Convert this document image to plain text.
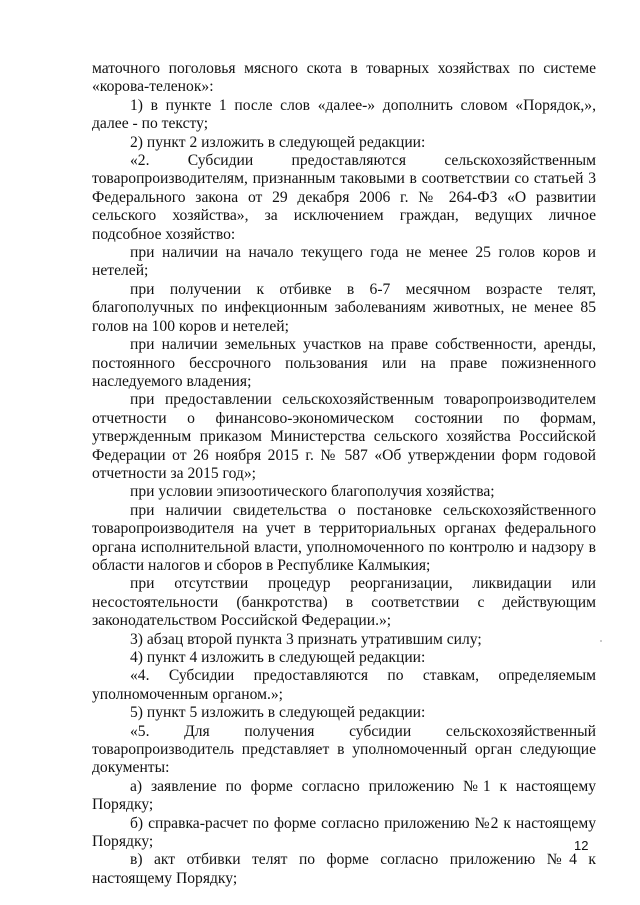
маточного поголовья мясного скота в товарных хозяйствах по системе «корова-теленок»:

1) в пункте 1 после слов «далее-» дополнить словом «Порядок,», далее - по тексту;

2) пункт 2 изложить в следующей редакции:

«2. Субсидии предоставляются сельскохозяйственным товаропроизводителям, признанным таковыми в соответствии со статьей 3 Федерального закона от 29 декабря 2006 г. № 264-ФЗ «О развитии сельского хозяйства», за исключением граждан, ведущих личное подсобное хозяйство:

при наличии на начало текущего года не менее 25 голов коров и нетелей;

при получении к отбивке в 6-7 месячном возрасте телят, благополучных по инфекционным заболеваниям животных, не менее 85 голов на 100 коров и нетелей;

при наличии земельных участков на праве собственности, аренды, постоянного бессрочного пользования или на праве пожизненного наследуемого владения;

при предоставлении сельскохозяйственным товаропроизводителем отчетности о финансово-экономическом состоянии по формам, утвержденным приказом Министерства сельского хозяйства Российской Федерации от 26 ноября 2015 г. № 587 «Об утверждении форм годовой отчетности за 2015 год»;

при условии эпизоотического благополучия хозяйства;

при наличии свидетельства о постановке сельскохозяйственного товаропроизводителя на учет в территориальных органах федерального органа исполнительной власти, уполномоченного по контролю и надзору в области налогов и сборов в Республике Калмыкия;

при отсутствии процедур реорганизации, ликвидации или несостоятельности (банкротства) в соответствии с действующим законодательством Российской Федерации.»;

3) абзац второй пункта 3 признать утратившим силу;

4) пункт 4 изложить в следующей редакции:

«4. Субсидии предоставляются по ставкам, определяемым уполномоченным органом.»;

5) пункт 5 изложить в следующей редакции:

«5. Для получения субсидии сельскохозяйственный товаропроизводитель представляет в уполномоченный орган следующие документы:

а) заявление по форме согласно приложению №1 к настоящему Порядку;

б) справка-расчет по форме согласно приложению №2 к настоящему Порядку;

в) акт отбивки телят по форме согласно приложению №4 к настоящему Порядку;

12
